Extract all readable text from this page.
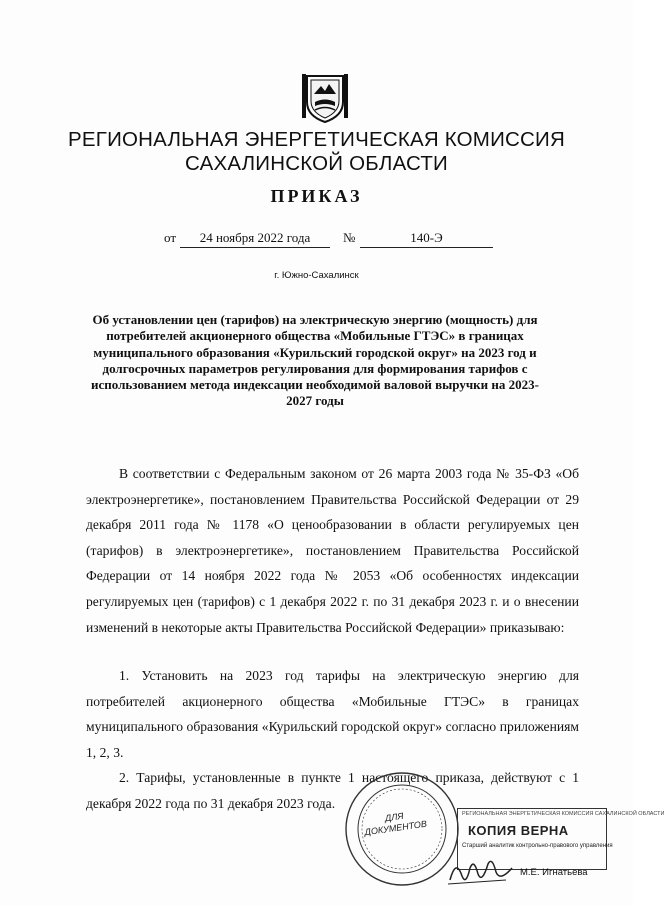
РЕГИОНАЛЬНАЯ ЭНЕРГЕТИЧЕСКАЯ КОМИССИЯ
САХАЛИНСКОЙ ОБЛАСТИ
ПРИКАЗ
от	24 ноября 2022 года	№	140-Э
г. Южно-Сахалинск
Об установлении цен (тарифов) на электрическую энергию (мощность) для потребителей акционерного общества «Мобильные ГТЭС» в границах муниципального образования «Курильский городской округ» на 2023 год и долгосрочных параметров регулирования для формирования тарифов с использованием метода индексации необходимой валовой выручки на 2023-2027 годы
В соответствии с Федеральным законом от 26 марта 2003 года № 35-ФЗ «Об электроэнергетике», постановлением Правительства Российской Федерации от 29 декабря 2011 года № 1178 «О ценообразовании в области регулируемых цен (тарифов) в электроэнергетике», постановлением Правительства Российской Федерации от 14 ноября 2022 года № 2053 «Об особенностях индексации регулируемых цен (тарифов) с 1 декабря 2022 г. по 31 декабря 2023 г. и о внесении изменений в некоторые акты Правительства Российской Федерации» приказываю:
1. Установить на 2023 год тарифы на электрическую энергию для потребителей акционерного общества «Мобильные ГТЭС» в границах муниципального образования «Курильский городской округ» согласно приложениям 1, 2, 3.
2. Тарифы, установленные в пункте 1 настоящего приказа, действуют с 1 декабря 2022 года по 31 декабря 2023 года.
ДЛЯ ДОКУМЕНТОВ
РЕГИОНАЛЬНАЯ ЭНЕРГЕТИЧЕСКАЯ КОМИССИЯ САХАЛИНСКОЙ ОБЛАСТИ
КОПИЯ ВЕРНА
Старший аналитик контрольно-правового управления
М.Е. Игнатьева
